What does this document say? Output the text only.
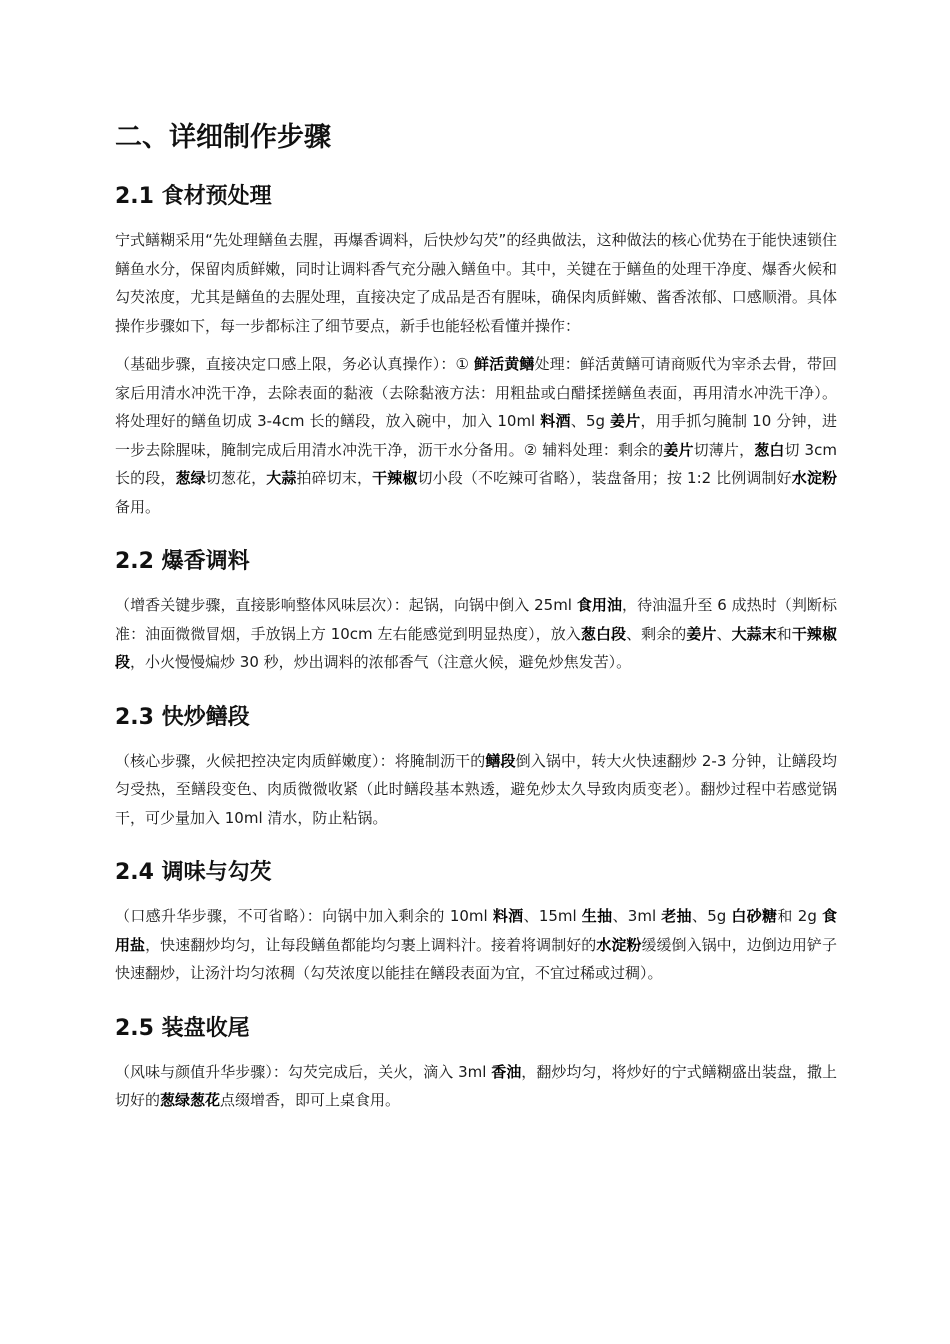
二、详细制作步骤
2.1 食材预处理

宁式鳝糊采用“先处理鳝鱼去腥，再爆香调料，后快炒勾芡”的经典做法，这种做法的核心优势在于能快速锁住鳝鱼水分，保留肉质鲜嫩，同时让调料香气充分融入鳝鱼中。其中，关键在于鳝鱼的处理干净度、爆香火候和勾芡浓度，尤其是鳝鱼的去腥处理，直接决定了成品是否有腥味，确保肉质鲜嫩、酱香浓郁、口感顺滑。具体操作步骤如下，每一步都标注了细节要点，新手也能轻松看懂并操作：

（基础步骤，直接决定口感上限，务必认真操作）：① 鲜活黄鳝处理：鲜活黄鳝可请商贩代为宰杀去骨，带回家后用清水冲洗干净，去除表面的黏液（去除黏液方法：用粗盐或白醋揉搓鳝鱼表面，再用清水冲洗干净）。将处理好的鳝鱼切成 3-4cm 长的鳝段，放入碗中，加入 10ml 料酒、5g 姜片，用手抓匀腌制 10 分钟，进一步去除腥味，腌制完成后用清水冲洗干净，沥干水分备用。② 辅料处理：剩余的姜片切薄片，葱白切 3cm 长的段，葱绿切葱花，大蒜拍碎切末，干辣椒切小段（不吃辣可省略），装盘备用；按 1:2 比例调制好水淀粉备用。

2.2 爆香调料

（增香关键步骤，直接影响整体风味层次）：起锅，向锅中倒入 25ml 食用油，待油温升至 6 成热时（判断标准：油面微微冒烟，手放锅上方 10cm 左右能感觉到明显热度），放入葱白段、剩余的姜片、大蒜末和干辣椒段，小火慢慢煸炒 30 秒，炒出调料的浓郁香气（注意火候，避免炒焦发苦）。

2.3 快炒鳝段

（核心步骤，火候把控决定肉质鲜嫩度）：将腌制沥干的鳝段倒入锅中，转大火快速翻炒 2-3 分钟，让鳝段均匀受热，至鳝段变色、肉质微微收紧（此时鳝段基本熟透，避免炒太久导致肉质变老）。翻炒过程中若感觉锅干，可少量加入 10ml 清水，防止粘锅。

2.4 调味与勾芡

（口感升华步骤，不可省略）：向锅中加入剩余的 10ml 料酒、15ml 生抽、3ml 老抽、5g 白砂糖和 2g 食用盐，快速翻炒均匀，让每段鳝鱼都能均匀裹上调料汁。接着将调制好的水淀粉缓缓倒入锅中，边倒边用铲子快速翻炒，让汤汁均匀浓稠（勾芡浓度以能挂在鳝段表面为宜，不宜过稀或过稠）。

2.5 装盘收尾

（风味与颜值升华步骤）：勾芡完成后，关火，滴入 3ml 香油，翻炒均匀，将炒好的宁式鳝糊盛出装盘，撒上切好的葱绿葱花点缀增香，即可上桌食用。
